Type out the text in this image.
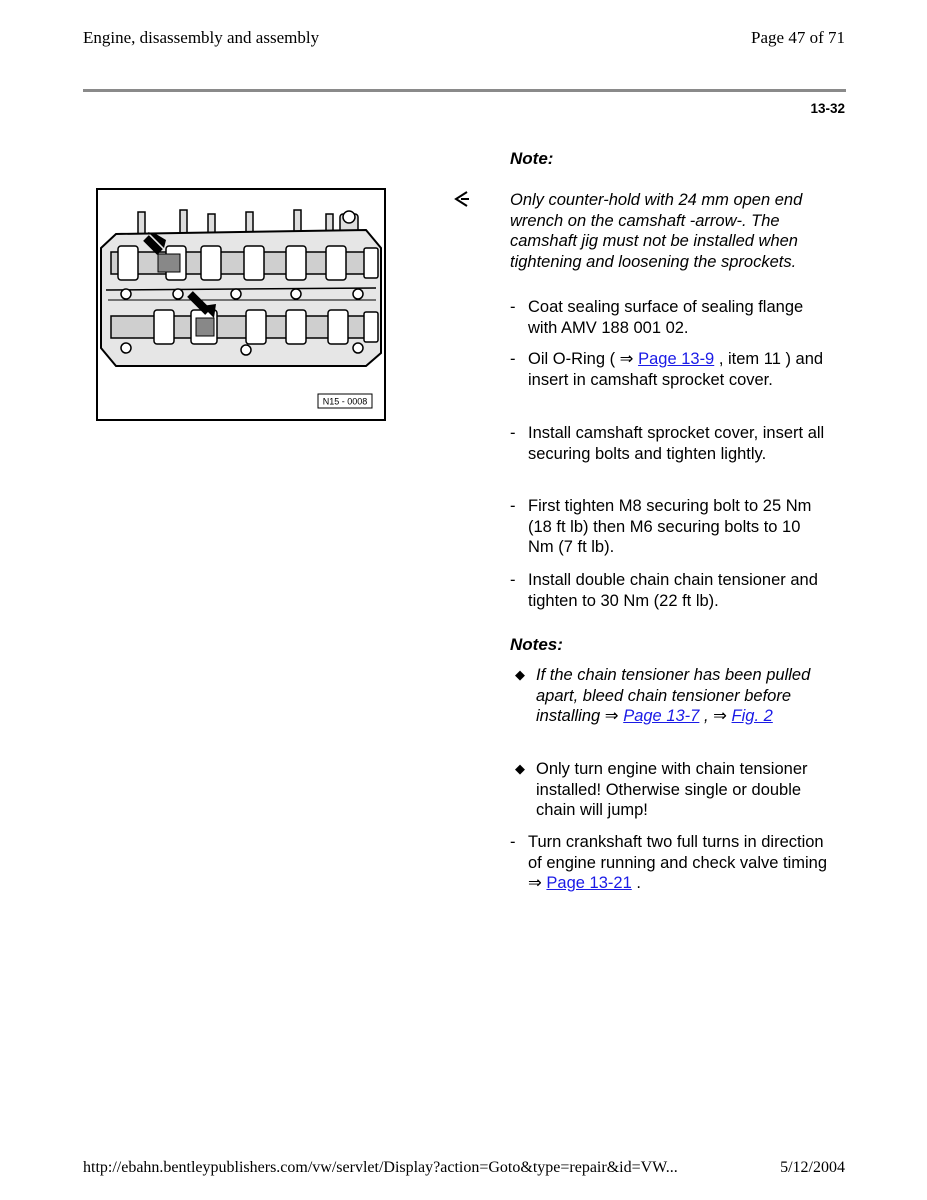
Engine, disassembly and assembly	Page 47 of 71
13-32
Note:
Only counter-hold with 24 mm open end wrench on the camshaft -arrow-. The camshaft jig must not be installed when tightening and loosening the sprockets.
N15 - 0008
- Coat sealing surface of sealing flange with AMV 188 001 02.
- Oil O-Ring ( ⇒ Page 13-9 , item 11 ) and insert in camshaft sprocket cover.
- Install camshaft sprocket cover, insert all securing bolts and tighten lightly.
- First tighten M8 securing bolt to 25 Nm (18 ft lb) then M6 securing bolts to 10 Nm (7 ft lb).
- Install double chain chain tensioner and tighten to 30 Nm (22 ft lb).
Notes:
◆ If the chain tensioner has been pulled apart, bleed chain tensioner before installing ⇒ Page 13-7 , ⇒ Fig. 2
◆ Only turn engine with chain tensioner installed! Otherwise single or double chain will jump!
- Turn crankshaft two full turns in direction of engine running and check valve timing ⇒ Page 13-21 .
http://ebahn.bentleypublishers.com/vw/servlet/Display?action=Goto&type=repair&id=VW...	5/12/2004
